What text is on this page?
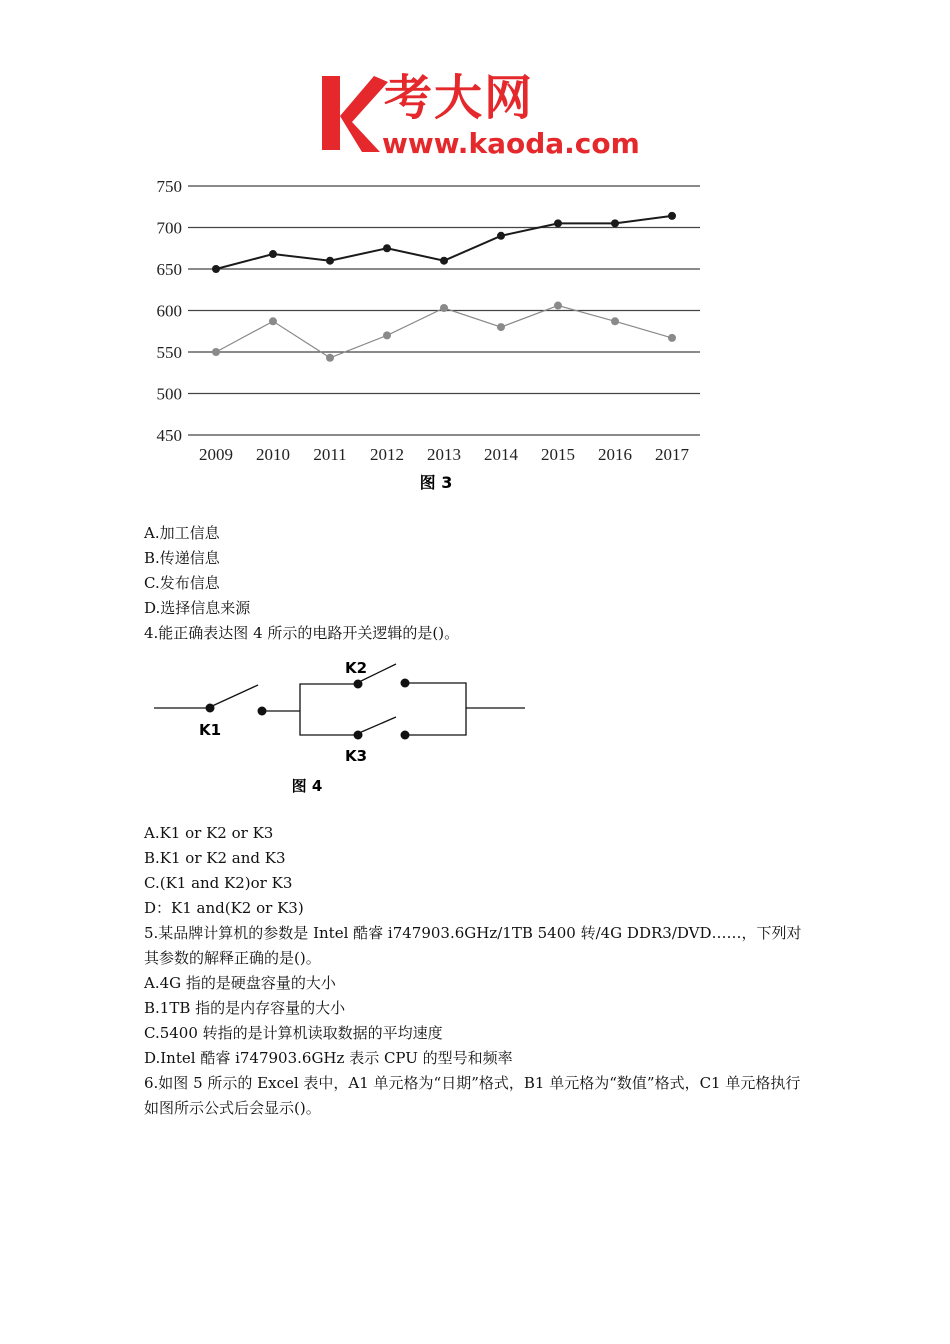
考大网
www.kaoda.com
750
700
650
600
550
500
450
2009 2010 2011 2012 2013 2014 2015 2016 2017
图 3
A.加工信息
B.传递信息
C.发布信息
D.选择信息来源
4.能正确表达图 4 所示的电路开关逻辑的是()。
K1
K2
K3
图 4
A.K1 or K2 or K3
B.K1 or K2 and K3
C.(K1 and K2)or K3
D：K1 and(K2 or K3)
5.某品牌计算机的参数是 Intel 酷睿 i747903.6GHz/1TB 5400 转/4G DDR3/DVD……，下列对其参数的解释正确的是()。
A.4G 指的是硬盘容量的大小
B.1TB 指的是内存容量的大小
C.5400 转指的是计算机读取数据的平均速度
D.Intel 酷睿 i747903.6GHz 表示 CPU 的型号和频率
6.如图 5 所示的 Excel 表中，A1 单元格为“日期”格式，B1 单元格为“数值”格式，C1 单元格执行如图所示公式后会显示()。
